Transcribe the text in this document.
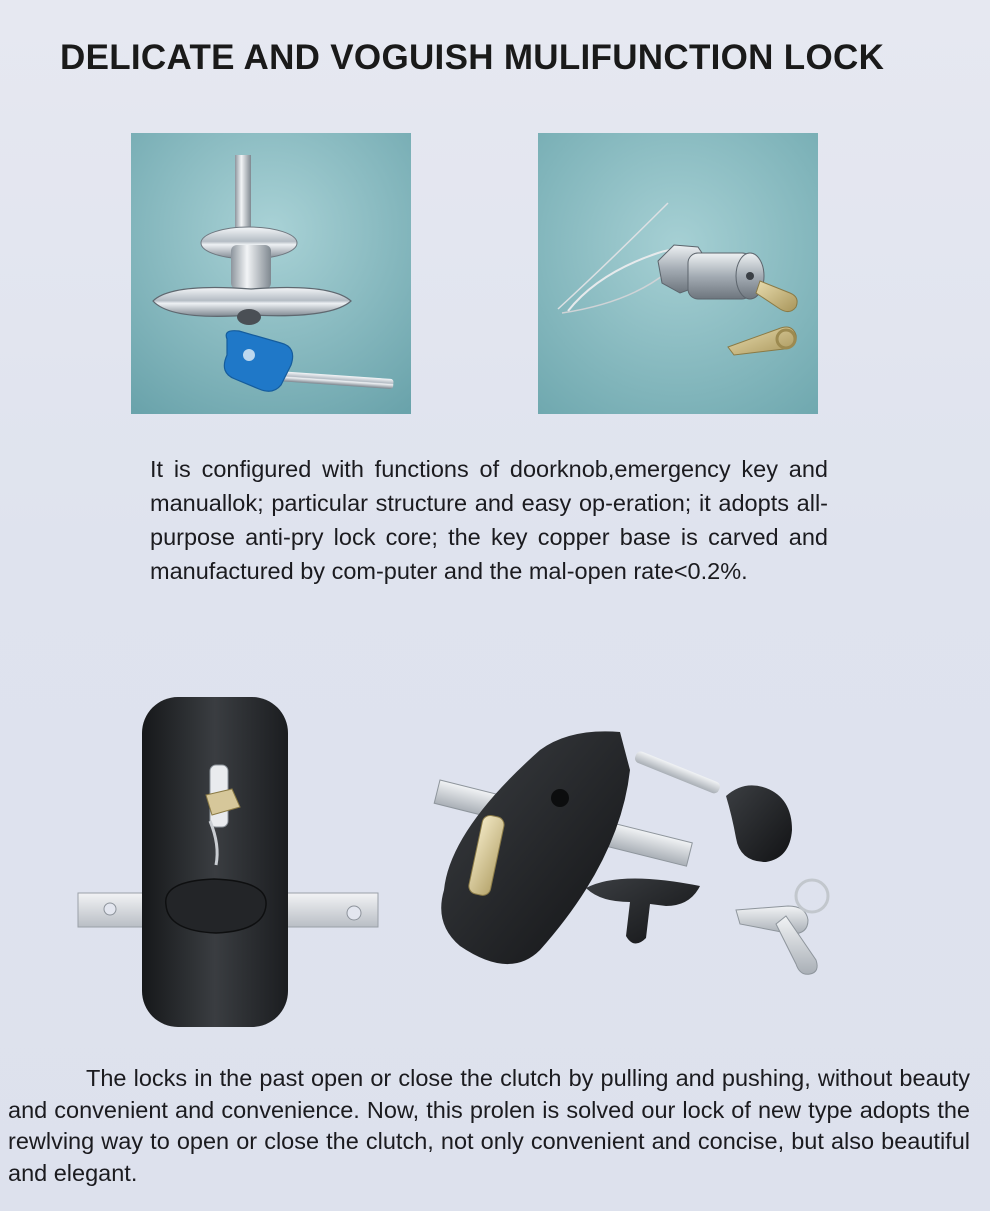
DELICATE AND VOGUISH MULIFUNCTION LOCK

It is configured with functions of doorknob,emergency key and manuallok; particular structure and easy op-eration; it adopts all-purpose anti-pry lock core; the key copper base is carved and manufactured by com-puter and the mal-open rate<0.2%.

The locks in the past open or close the clutch by pulling and pushing, without beauty and convenient and convenience. Now, this prolen is solved our lock of new type adopts the rewlving way to open or close the clutch, not only convenient and concise, but also beautiful and elegant.
